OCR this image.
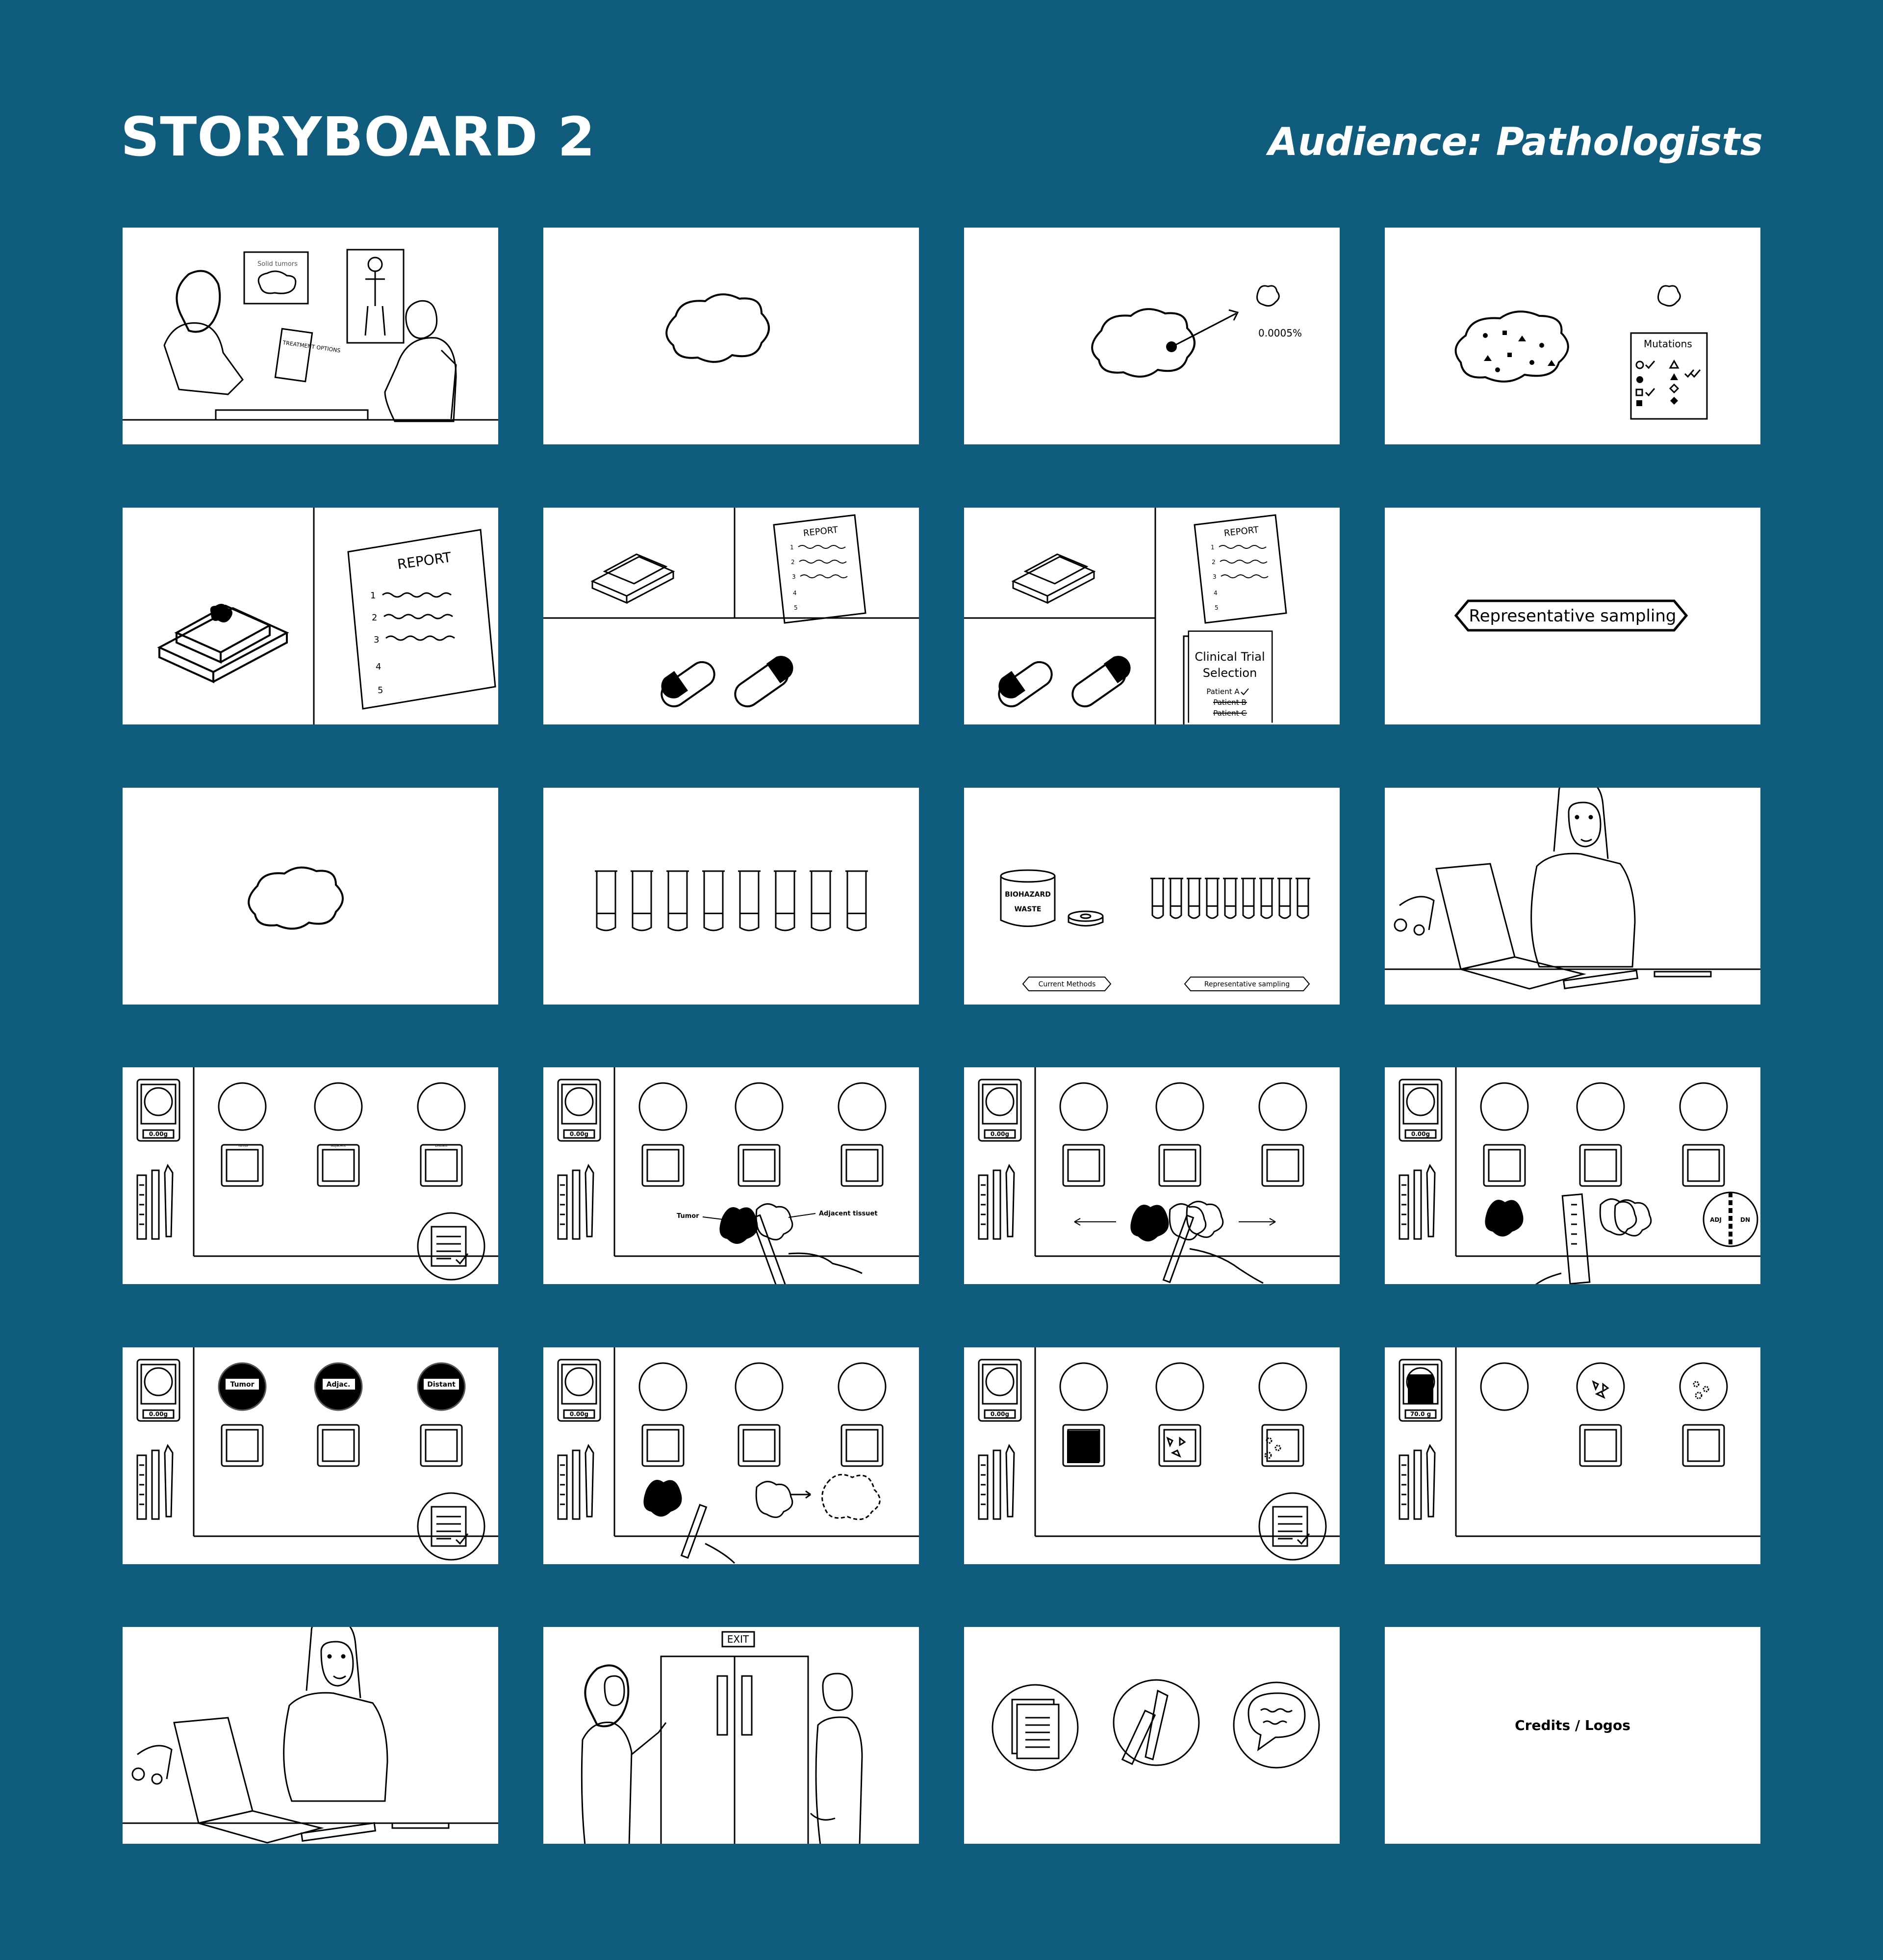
STORYBOARD 2	Audience: Pathologists
Solid tumors
TREATMENT OPTIONS
0.0005%
Mutations
REPORT
1
2
3
4
5
REPORT
1
2
3
4
5
REPORT
1
2
3
4
5
Clinical Trial
Selection
Patient A
Patient B
Patient C
Representative sampling
BIOHAZARD
WASTE
Current Methods	Representative sampling
0.00g
Tumor	Adjacent	Distant
0.00g
Tumor	Adjacent tissuet
0.00g	0.00g
ADJ	DN
0.00g
Tumor	Adjac.	Distant
0.00g	0.00g	70.0 g
EXIT
Credits / Logos
